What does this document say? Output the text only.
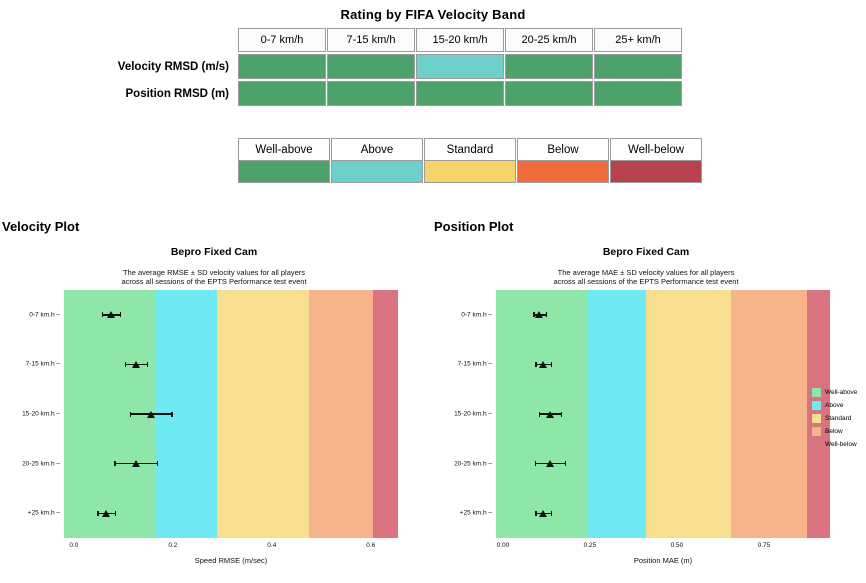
Rating by FIFA Velocity Band
0-7 km/h	7-15 km/h	15-20 km/h	20-25 km/h	25+ km/h
Velocity RMSD (m/s)
Position RMSD (m)
Well-above	Above	Standard	Below	Well-below
Velocity Plot	Position Plot
Bepro Fixed Cam
The average RMSE ± SD velocity values for all players
across all sessions of the EPTS Performance test event
0-7 km.h –
7-15 km.h –
15-20 km.h –
20-25 km.h –
+25 km.h –
Speed RMSE (m/sec)
0.0	0.2	0.4	0.6
Bepro Fixed Cam
The average MAE ± SD velocity values for all players
across all sessions of the EPTS Performance test event
0-7 km.h –
7-15 km.h –
15-20 km.h –
20-25 km.h –
+25 km.h –
Position MAE (m)
0.00	0.25	0.50	0.75
Well-above
Above
Standard
Below
Well-below
